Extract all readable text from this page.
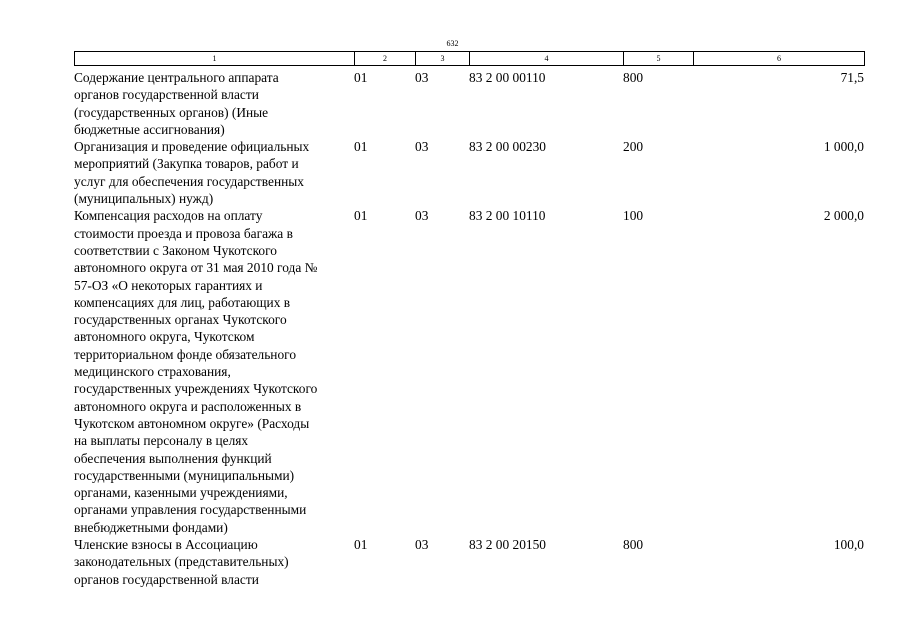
632
1	2	3	4	5	6
Содержание центрального аппарата
органов государственной власти
(государственных органов) (Иные
бюджетные ассигнования)
01	03	83 2 00 00110	800	71,5
Организация и проведение официальных
мероприятий (Закупка товаров, работ и
услуг для обеспечения государственных
(муниципальных) нужд)
01	03	83 2 00 00230	200	1 000,0
Компенсация расходов на оплату
стоимости проезда и провоза багажа в
соответствии с Законом Чукотского
автономного округа от 31 мая 2010 года №
57-ОЗ «О некоторых гарантиях и
компенсациях для лиц, работающих в
государственных органах Чукотского
автономного округа, Чукотском
территориальном фонде обязательного
медицинского страхования,
государственных учреждениях Чукотского
автономного округа и расположенных в
Чукотском автономном округе» (Расходы
на выплаты персоналу в целях
обеспечения выполнения функций
государственными (муниципальными)
органами, казенными учреждениями,
органами управления государственными
внебюджетными фондами)
01	03	83 2 00 10110	100	2 000,0
Членские взносы в Ассоциацию
законодательных (представительных)
органов государственной власти
01	03	83 2 00 20150	800	100,0
